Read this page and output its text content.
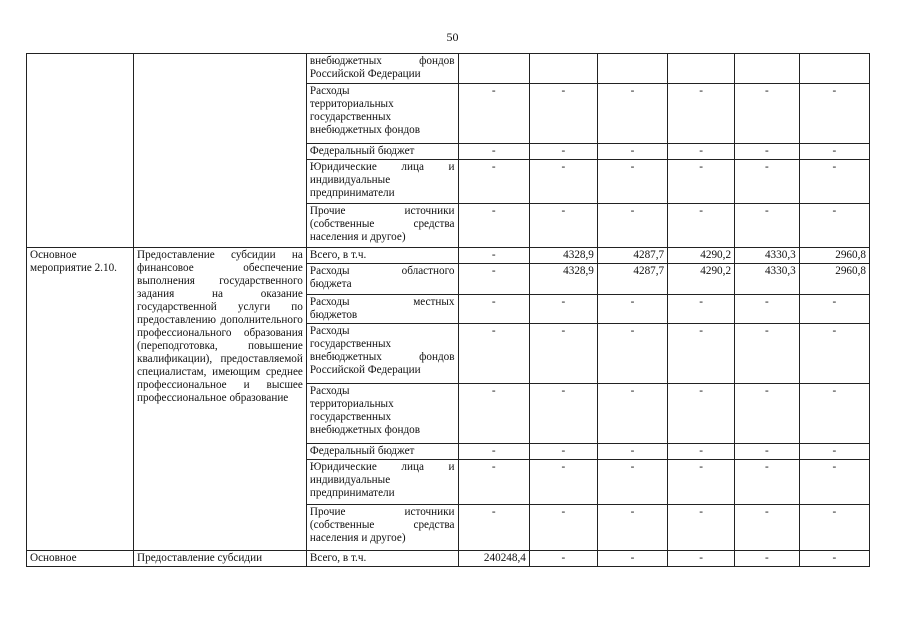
50

		внебюджетных фондов
Российской Федерации						

		Расходы
территориальных
государственных
внебюджетных фондов	-	-	-	-	-	-

		Федеральный бюджет	-	-	-	-	-	-

		Юридические лица и
индивидуальные
предприниматели	-	-	-	-	-	-

		Прочие источники
(собственные средства
населения и другое)	-	-	-	-	-	-
Основное мероприятие 2.10.	Предоставление субсидии на финансовое обеспечение выполнения государственного задания на оказание государственной услуги по предоставлению дополнительного профессионального образования (переподготовка, повышение квалификации), предоставляемой специалистам, имеющим среднее профессиональное и высшее профессиональное образование	Всего, в т.ч.	-	4328,9	4287,7	4290,2	4330,3	2960,8

		Расходы областного
бюджета	-	4328,9	4287,7	4290,2	4330,3	2960,8

		Расходы местных
бюджетов	-	-	-	-	-	-

		Расходы
государственных
внебюджетных фондов
Российской Федерации	-	-	-	-	-	-

		Расходы
территориальных
государственных
внебюджетных фондов	-	-	-	-	-	-

		Федеральный бюджет	-	-	-	-	-	-

		Юридические лица и
индивидуальные
предприниматели	-	-	-	-	-	-

		Прочие источники
(собственные средства
населения и другое)	-	-	-	-	-	-
Основное	Предоставление субсидии	Всего, в т.ч.	240248,4	-	-	-	-	-
